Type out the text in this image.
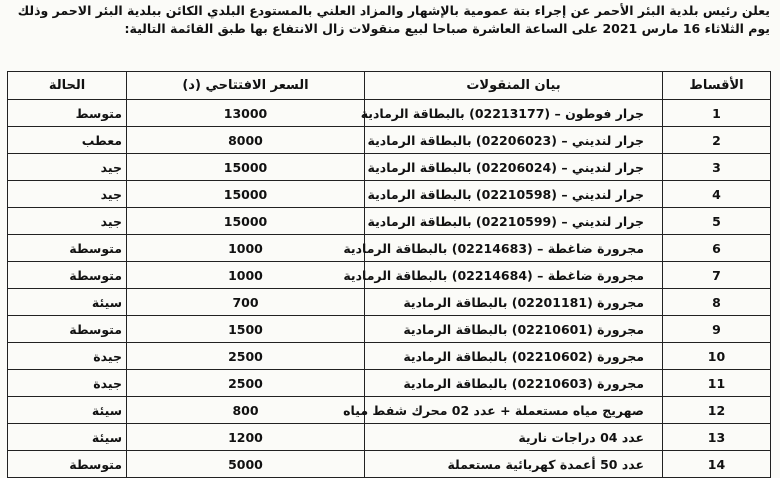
يعلن رئيس بلدية البئر الأحمر عن إجراء بتة عمومية بالإشهار والمزاد العلني بالمستودع البلدي الكائن ببلدية البئر الاحمر وذلك
يوم الثلاثاء 16 مارس 2021 على الساعة العاشرة صباحا لبيع منقولات زال الانتفاع بها طبق القائمة التالية:
الأقساط	بيان المنقولات	السعر الافتتاحي (د)	الحالة
1	جرار فوطون – (02213177) بالبطاقة الرمادية	13000	متوسط
2	جرار لنديني – (02206023) بالبطاقة الرمادية	8000	معطب
3	جرار لنديني – (02206024) بالبطاقة الرمادية	15000	جيد
4	جرار لنديني – (02210598) بالبطاقة الرمادية	15000	جيد
5	جرار لنديني – (02210599) بالبطاقة الرمادية	15000	جيد
6	مجرورة ضاغطة – (02214683) بالبطاقة الرمادية	1000	متوسطة
7	مجرورة ضاغطة – (02214684) بالبطاقة الرمادية	1000	متوسطة
8	مجرورة (02201181) بالبطاقة الرمادية	700	سيئة
9	مجرورة (02210601) بالبطاقة الرمادية	1500	متوسطة
10	مجرورة (02210602) بالبطاقة الرمادية	2500	جيدة
11	مجرورة (02210603) بالبطاقة الرمادية	2500	جيدة
12	صهريج مياه مستعملة + عدد 02 محرك شفط مياه	800	سيئة
13	عدد 04 دراجات نارية	1200	سيئة
14	عدد 50 أعمدة كهربائية مستعملة	5000	متوسطة
